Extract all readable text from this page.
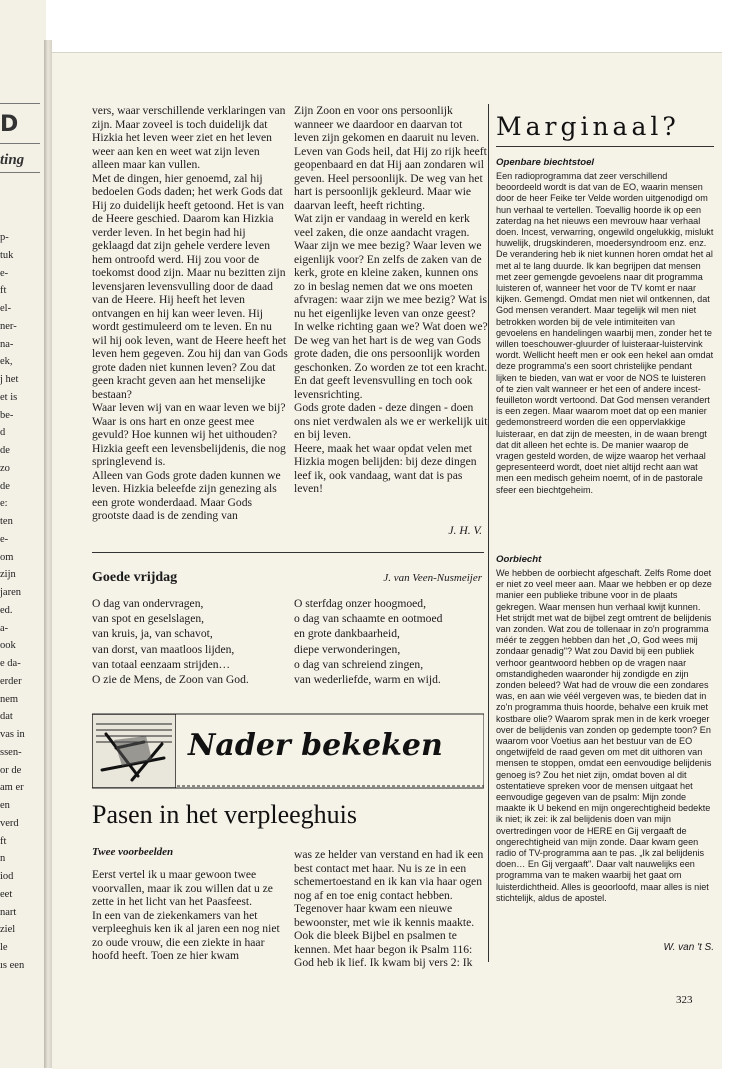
D
ting
p-
tuk
e-
ft
el-
ner-
na-
ek,
j het
et is
be-
d
de
zo
de
e:
ten
e-
om
zijn
jaren
ed.
a-
ook
e da-
erder
nem
dat
vas in
ssen-
or de
am er
en
verd
ft
n
iod
eet
nart
ziel
le
ıs een

vers, waar verschillende verklaringen van zijn. Maar zoveel is toch duidelijk dat Hizkia het leven weer ziet en het leven weer aan ken en weet wat zijn leven alleen maar kan vullen.

Met de dingen, hier genoemd, zal hij bedoelen Gods daden; het werk Gods dat Hij zo duidelijk heeft getoond. Het is van de Heere geschied. Daarom kan Hizkia verder leven. In het begin had hij geklaagd dat zijn gehele verdere leven hem ontroofd werd. Hij zou voor de toekomst dood zijn. Maar nu bezitten zijn levensjaren levensvulling door de daad van de Heere. Hij heeft het leven ontvangen en hij kan weer leven. Hij wordt gestimuleerd om te leven. En nu wil hij ook leven, want de Heere heeft het leven hem gegeven. Zou hij dan van Gods grote daden niet kunnen leven? Zou dat geen kracht geven aan het menselijke bestaan?

Waar leven wij van en waar leven we bij? Waar is ons hart en onze geest mee gevuld? Hoe kunnen wij het uithouden?

Hizkia geeft een levensbelijdenis, die nog springlevend is.

Alleen van Gods grote daden kunnen we leven. Hizkia beleefde zijn genezing als een grote wonderdaad. Maar Gods grootste daad is de zending van

Zijn Zoon en voor ons persoonlijk wanneer we daardoor en daarvan tot leven zijn gekomen en daaruit nu leven. Leven van Gods heil, dat Hij zo rijk heeft geopenbaard en dat Hij aan zondaren wil geven. Heel persoonlijk. De weg van het hart is persoonlijk gekleurd. Maar wie daarvan leeft, heeft richting.

Wat zijn er vandaag in wereld en kerk veel zaken, die onze aandacht vragen. Waar zijn we mee bezig? Waar leven we eigenlijk voor? En zelfs de zaken van de kerk, grote en kleine zaken, kunnen ons zo in beslag nemen dat we ons moeten afvragen: waar zijn we mee bezig? Wat is nu het eigenlijke leven van onze geest? In welke richting gaan we? Wat doen we?

De weg van het hart is de weg van Gods grote daden, die ons persoonlijk worden geschonken. Zo worden ze tot een kracht. En dat geeft levensvulling en toch ook levensrichting.

Gods grote daden - deze dingen - doen ons niet verdwalen als we er werkelijk uit en bij leven.

Heere, maak het waar opdat velen met Hizkia mogen belijden: bij deze dingen leef ik, ook vandaag, want dat is pas leven!

J. H. V.
Goede vrijdag	J. van Veen-Nusmeijer
O dag van ondervragen,
van spot en geselslagen,
van kruis, ja, van schavot,
van dorst, van maatloos lijden,
van totaal eenzaam strijden…
O zie de Mens, de Zoon van God.
O sterfdag onzer hoogmoed,
o dag van schaamte en ootmoed
en grote dankbaarheid,
diepe verwonderingen,
o dag van schreiend zingen,
van wederliefde, warm en wijd.
Nader bekeken
Pasen in het verpleeghuis
Twee voorbeelden

Eerst vertel ik u maar gewoon twee voorvallen, maar ik zou willen dat u ze zette in het licht van het Paasfeest.

In een van de ziekenkamers van het verpleeghuis ken ik al jaren een nog niet zo oude vrouw, die een ziekte in haar hoofd heeft. Toen ze hier kwam

was ze helder van verstand en had ik een best contact met haar. Nu is ze in een schemertoestand en ik kan via haar ogen nog af en toe enig contact hebben. Tegenover haar kwam een nieuwe bewoonster, met wie ik kennis maakte. Ook die bleek Bijbel en psalmen te kennen. Met haar begon ik Psalm 116: God heb ik lief. Ik kwam bij vers 2: Ik

Marginaal?
Openbare biechtstoel

Een radioprogramma dat zeer verschillend beoordeeld wordt is dat van de EO, waarin mensen door de heer Feike ter Velde worden uitgenodigd om hun verhaal te vertellen. Toevallig hoorde ik op een zaterdag na het nieuws een mevrouw haar verhaal doen. Incest, verwarring, ongewild ongelukkig, mislukt huwelijk, drugskinderen, moedersyndroom enz. enz. De verandering heb ik niet kunnen horen omdat het al met al te lang duurde. Ik kan begrijpen dat mensen met zeer gemengde gevoelens naar dit programma luisteren of, wanneer het voor de TV komt er naar kijken. Gemengd. Omdat men niet wil ontkennen, dat God mensen verandert. Maar tegelijk wil men niet betrokken worden bij de vele intimiteiten van gevoelens en handelingen waarbij men, zonder het te willen toeschouwer-gluurder of luisteraar-luistervink wordt. Wellicht heeft men er ook een hekel aan omdat deze programma's een soort christelijke pendant lijken te bieden, van wat er voor de NOS te luisteren of te zien valt wanneer er het een of andere incest-feuilleton wordt vertoond. Dat God mensen verandert is een zegen. Maar waarom moet dat op een manier gedemonstreerd worden die een oppervlakkige luisteraar, en dat zijn de meesten, in de waan brengt dat dit alleen het echte is. De manier waarop de vragen gesteld worden, de wijze waarop het verhaal gepresenteerd wordt, doet niet altijd recht aan wat men een medisch geheim noemt, of in de pastorale sfeer een biechtgeheim.

Oorbiecht

We hebben de oorbiecht afgeschaft. Zelfs Rome doet er niet zo veel meer aan. Maar we hebben er op deze manier een publieke tribune voor in de plaats gekregen. Waar mensen hun verhaal kwijt kunnen. Het strijdt met wat de bijbel zegt omtrent de belijdenis van zonden. Wat zou de tollenaar in zo'n programma méér te zeggen hebben dan het „O, God wees mij zondaar genadig"? Wat zou David bij een publiek verhoor geantwoord hebben op de vragen naar omstandigheden waaronder hij zondigde en zijn zonden beleed? Wat had de vrouw die een zondares was, en aan wie véél vergeven was, te bieden dat in zo'n programma thuis hoorde, behalve een kruik met kostbare olie? Waarom sprak men in de kerk vroeger over de belijdenis van zonden op gedempte toon? En waarom voor Voetius aan het bestuur van de EO ongetwijfeld de raad geven om met dit uithoren van mensen te stoppen, omdat een eenvoudige belijdenis genoeg is? Zou het niet zijn, omdat boven al dit ostentatieve spreken voor de mensen uitgaat het eenvoudige gegeven van de psalm: Mijn zonde maakte ik U bekend en mijn ongerechtigheid bedekte ik niet; ik zei: ik zal belijdenis doen van mijn overtredingen voor de HERE en Gij vergaaft de ongerechtigheid van mijn zonde. Daar kwam geen radio of TV-programma aan te pas. „Ik zal belijdenis doen… En Gij vergaaft". Daar valt nauwelijks een programma van te maken waarbij het gaat om luisterdichtheid. Alles is geoorloofd, maar alles is niet stichtelijk, aldus de apostel.

W. van 't S.
323
